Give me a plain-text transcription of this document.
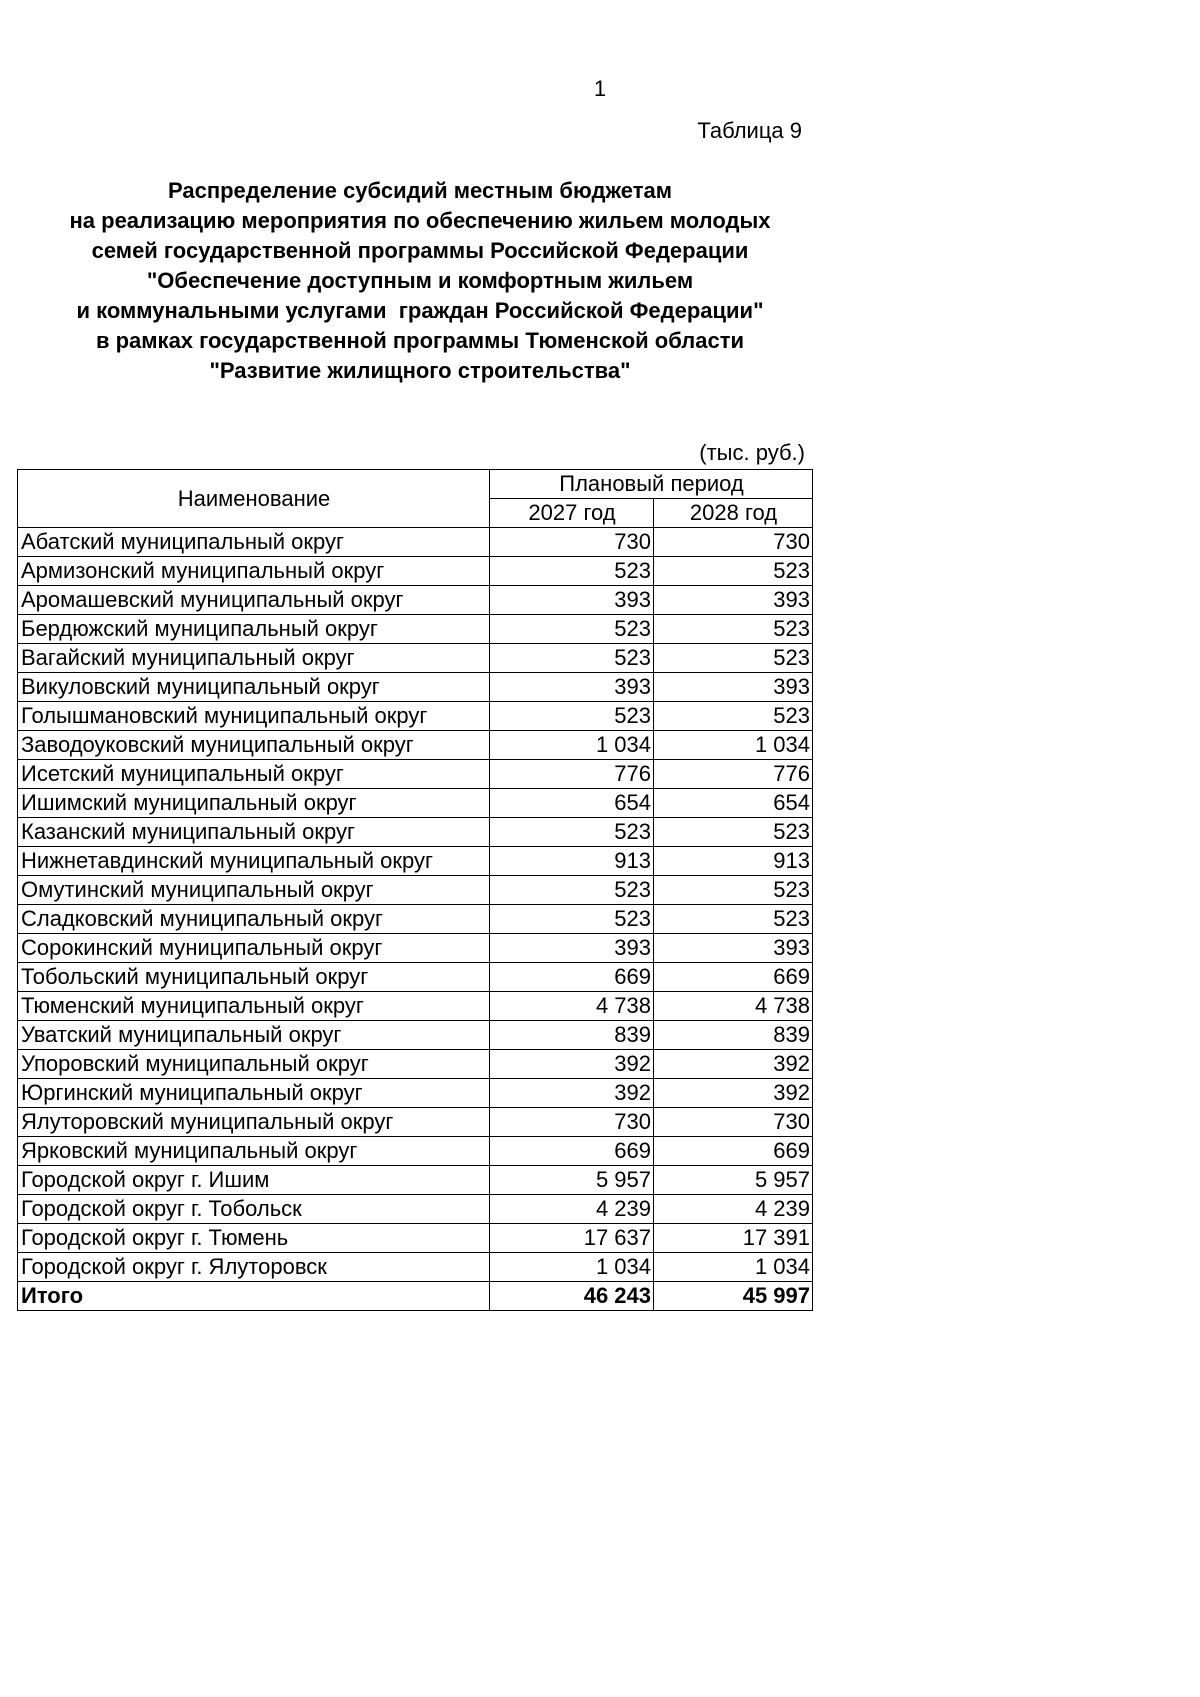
1
Таблица 9
Распределение субсидий местным бюджетам
на реализацию мероприятия по обеспечению жильем молодых
семей государственной программы Российской Федерации
"Обеспечение доступным и комфортным жильем
и коммунальными услугами  граждан Российской Федерации"
в рамках государственной программы Тюменской области
"Развитие жилищного строительства"
(тыс. руб.)
Наименование	Плановый период	
	2027 год	2028 год
Абатский муниципальный округ	730	730
Армизонский муниципальный округ	523	523
Аромашевский муниципальный округ	393	393
Бердюжский муниципальный округ	523	523
Вагайский муниципальный округ	523	523
Викуловский муниципальный округ	393	393
Голышмановский муниципальный округ	523	523
Заводоуковский муниципальный округ	1 034	1 034
Исетский муниципальный округ	776	776
Ишимский муниципальный округ	654	654
Казанский муниципальный округ	523	523
Нижнетавдинский муниципальный округ	913	913
Омутинский муниципальный округ	523	523
Сладковский муниципальный округ	523	523
Сорокинский муниципальный округ	393	393
Тобольский муниципальный округ	669	669
Тюменский муниципальный округ	4 738	4 738
Уватский муниципальный округ	839	839
Упоровский муниципальный округ	392	392
Юргинский муниципальный округ	392	392
Ялуторовский муниципальный округ	730	730
Ярковский муниципальный округ	669	669
Городской округ г. Ишим	5 957	5 957
Городской округ г. Тобольск	4 239	4 239
Городской округ г. Тюмень	17 637	17 391
Городской округ г. Ялуторовск	1 034	1 034
Итого	46 243	45 997
